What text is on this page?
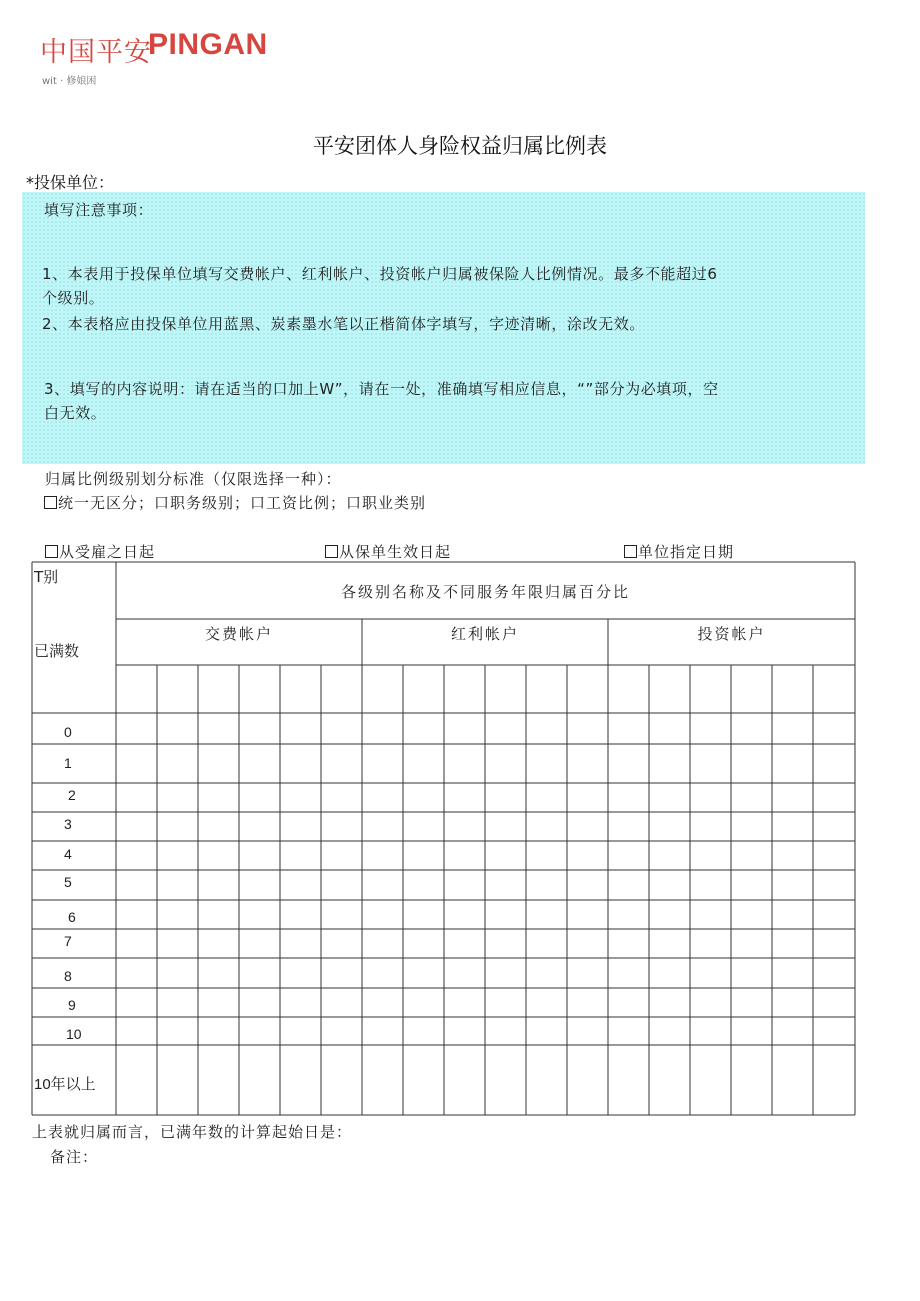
中国平安
PINGAN
wit · 修娘困
平安团体人身险权益归属比例表
*投保单位：
填写注意事项：
1、本表用于投保单位填写交费帐户、红利帐户、投资帐户归属被保险人比例情况。最多不能超过6
个级别。
2、本表格应由投保单位用蓝黑、炭素墨水笔以正楷简体字填写，字迹清晰，涂改无效。
3、填写的内容说明：请在适当的口加上W”，请在一处，准确填写相应信息，“”部分为必填项，空
白无效。
归属比例级别划分标准（仅限选择一种）：
统一无区分；口职务级别；口工资比例；口职业类别
从受雇之日起	从保单生效日起	单位指定日期
T别
已满数
各级别名称及不同服务年限归属百分比
交费帐户	红利帐户	投资帐户
0
1
2
3
4
5
6
7
8
9
10
10年以上
上表就归属而言，已满年数的计算起始日是：
备注：
